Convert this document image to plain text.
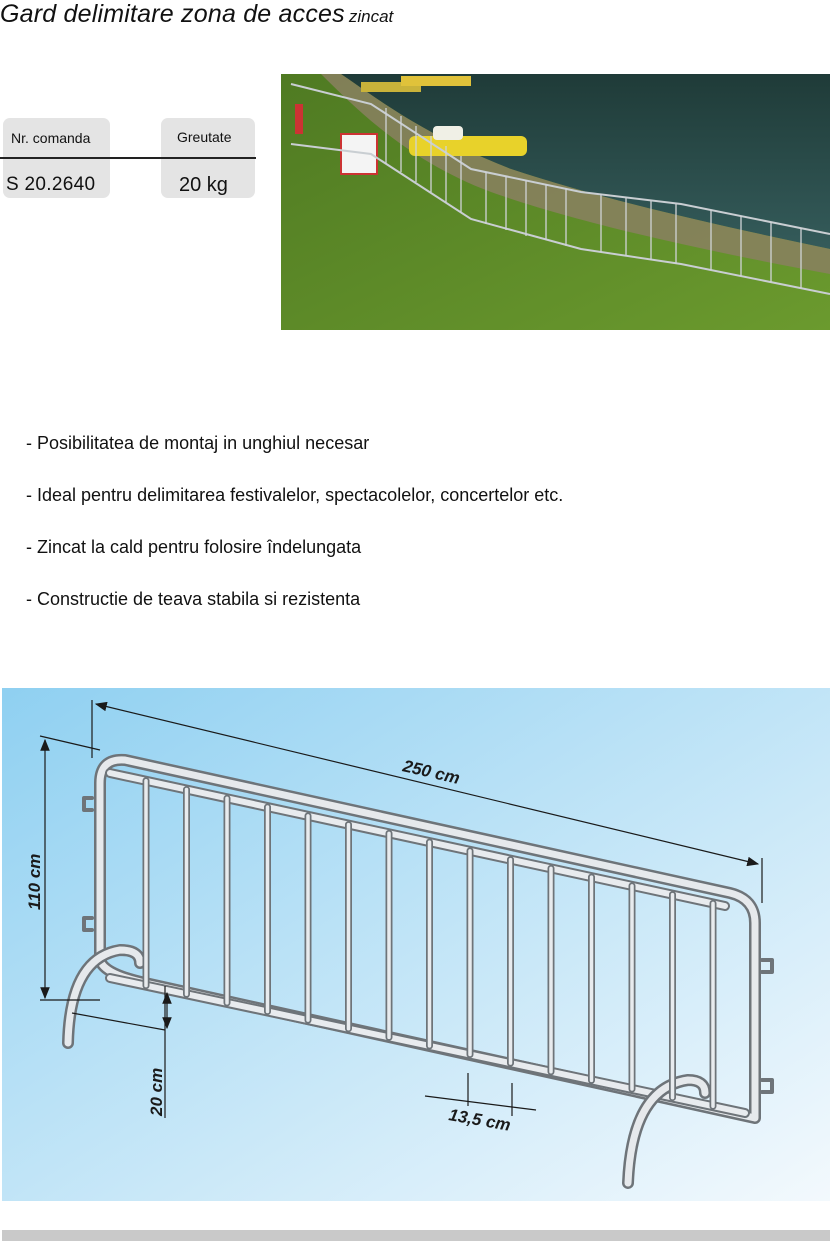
Gard delimitare zona de acces zincat
Nr. comanda
S 20.2640
Greutate
20 kg
- Posibilitatea de montaj in unghiul necesar
- Ideal pentru delimitarea festivalelor, spectacolelor, concertelor etc.
- Zincat la cald pentru folosire îndelungata
- Constructie de teava stabila si rezistenta
250 cm
110 cm
20 cm
13,5 cm
